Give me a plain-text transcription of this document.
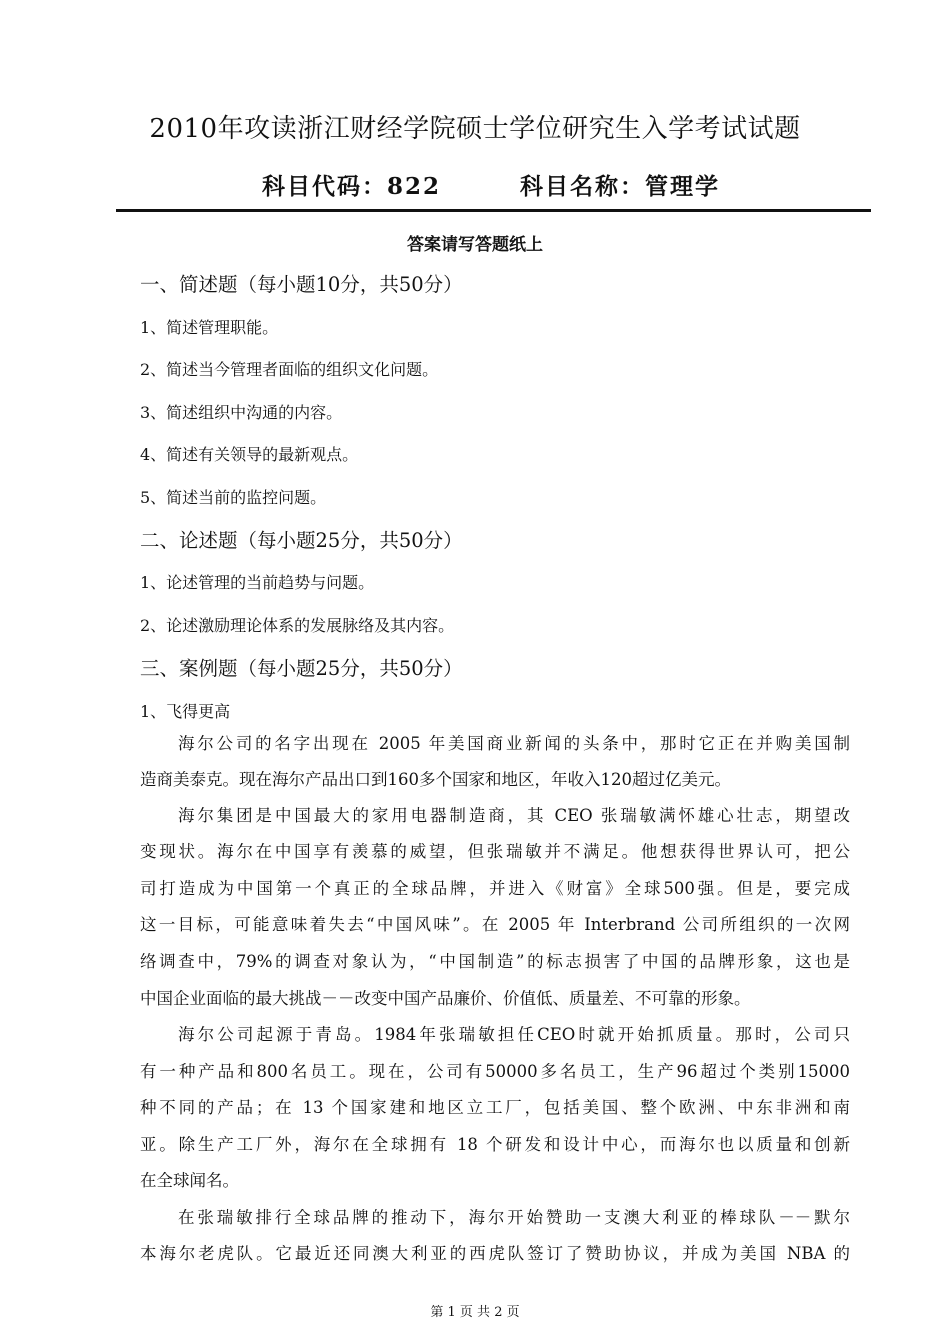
2010年攻读浙江财经学院硕士学位研究生入学考试试题
科目代码：822	科目名称：管理学
答案请写答题纸上
一、简述题（每小题10分，共50分）
1、简述管理职能。
2、简述当今管理者面临的组织文化问题。
3、简述组织中沟通的内容。
4、简述有关领导的最新观点。
5、简述当前的监控问题。
二、论述题（每小题25分，共50分）
1、论述管理的当前趋势与问题。
2、论述激励理论体系的发展脉络及其内容。
三、案例题（每小题25分，共50分）
1、飞得更高
海尔公司的名字出现在 2005 年美国商业新闻的头条中，那时它正在并购美国制
造商美泰克。现在海尔产品出口到160多个国家和地区，年收入120超过亿美元。
海尔集团是中国最大的家用电器制造商，其 CEO 张瑞敏满怀雄心壮志，期望改
变现状。海尔在中国享有羡慕的威望，但张瑞敏并不满足。他想获得世界认可，把公
司打造成为中国第一个真正的全球品牌，并进入《财富》全球500强。但是，要完成
这一目标，可能意味着失去“中国风味”。在 2005 年 Interbrand 公司所组织的一次网
络调查中，79%的调查对象认为，“中国制造”的标志损害了中国的品牌形象，这也是
中国企业面临的最大挑战－－改变中国产品廉价、价值低、质量差、不可靠的形象。
海尔公司起源于青岛。1984年张瑞敏担任CEO时就开始抓质量。那时，公司只
有一种产品和800名员工。现在，公司有50000多名员工，生产96超过个类别15000
种不同的产品；在 13 个国家建和地区立工厂，包括美国、整个欧洲、中东非洲和南
亚。除生产工厂外，海尔在全球拥有 18 个研发和设计中心，而海尔也以质量和创新
在全球闻名。
在张瑞敏排行全球品牌的推动下，海尔开始赞助一支澳大利亚的棒球队－－默尔
本海尔老虎队。它最近还同澳大利亚的西虎队签订了赞助协议，并成为美国 NBA 的
第 1 页 共 2 页
